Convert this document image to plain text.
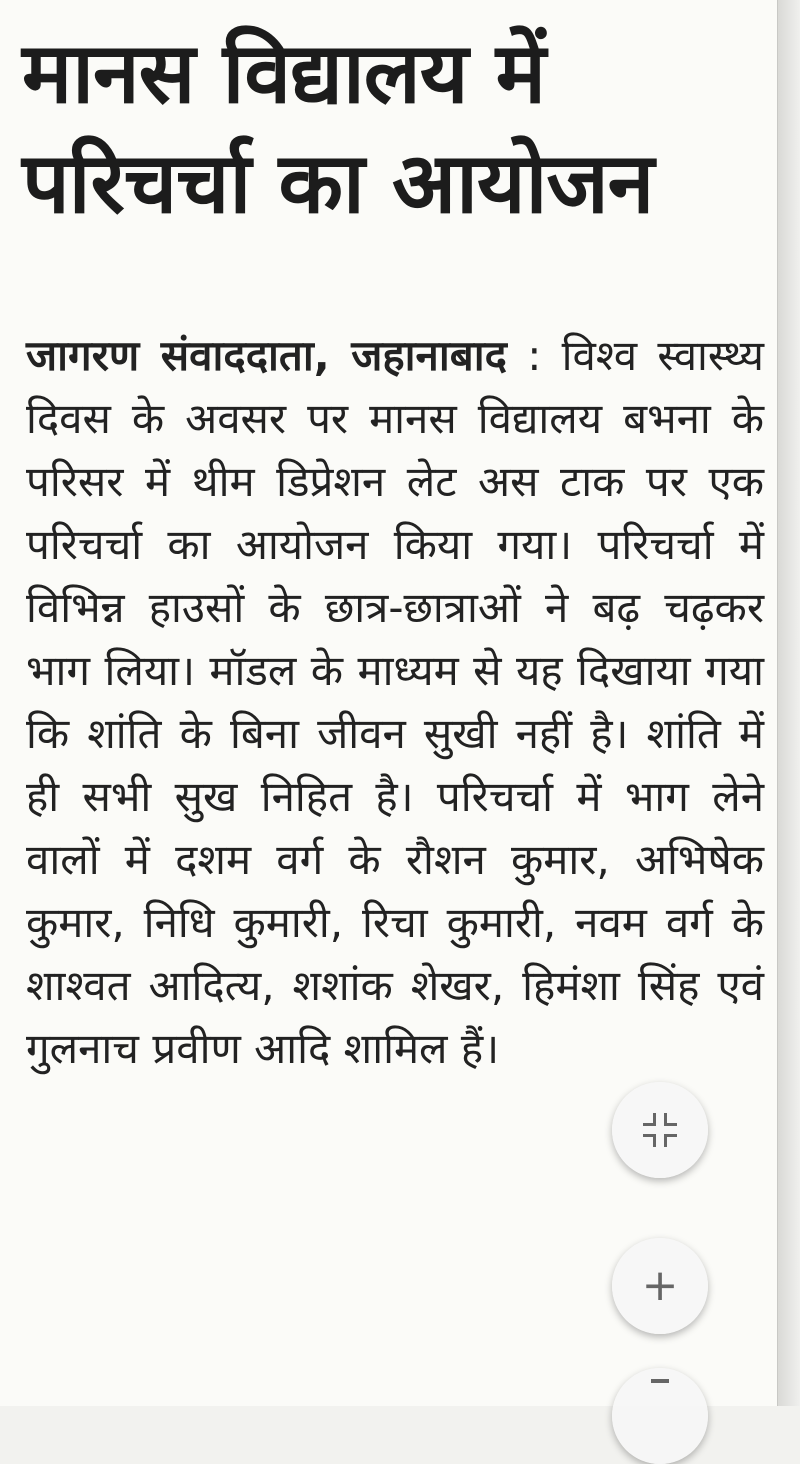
मानस विद्यालय में
परिचर्चा का आयोजन

जागरण संवाददाता, जहानाबाद : विश्व स्वास्थ्य दिवस के अवसर पर मानस विद्यालय बभना के परिसर में थीम डिप्रेशन लेट अस टाक पर एक परिचर्चा का आयोजन किया गया। परिचर्चा में विभिन्न हाउसों के छात्र-छात्राओं ने बढ़ चढ़कर भाग लिया। मॉडल के माध्यम से यह दिखाया गया कि शांति के बिना जीवन सुखी नहीं है। शांति में ही सभी सुख निहित है। परिचर्चा में भाग लेने वालों में दशम वर्ग के रौशन कुमार, अभिषेक कुमार, निधि कुमारी, रिचा कुमारी, नवम वर्ग के शाश्वत आदित्य, शशांक शेखर, हिमंशा सिंह एवं गुलनाच प्रवीण आदि शामिल हैं।

+
